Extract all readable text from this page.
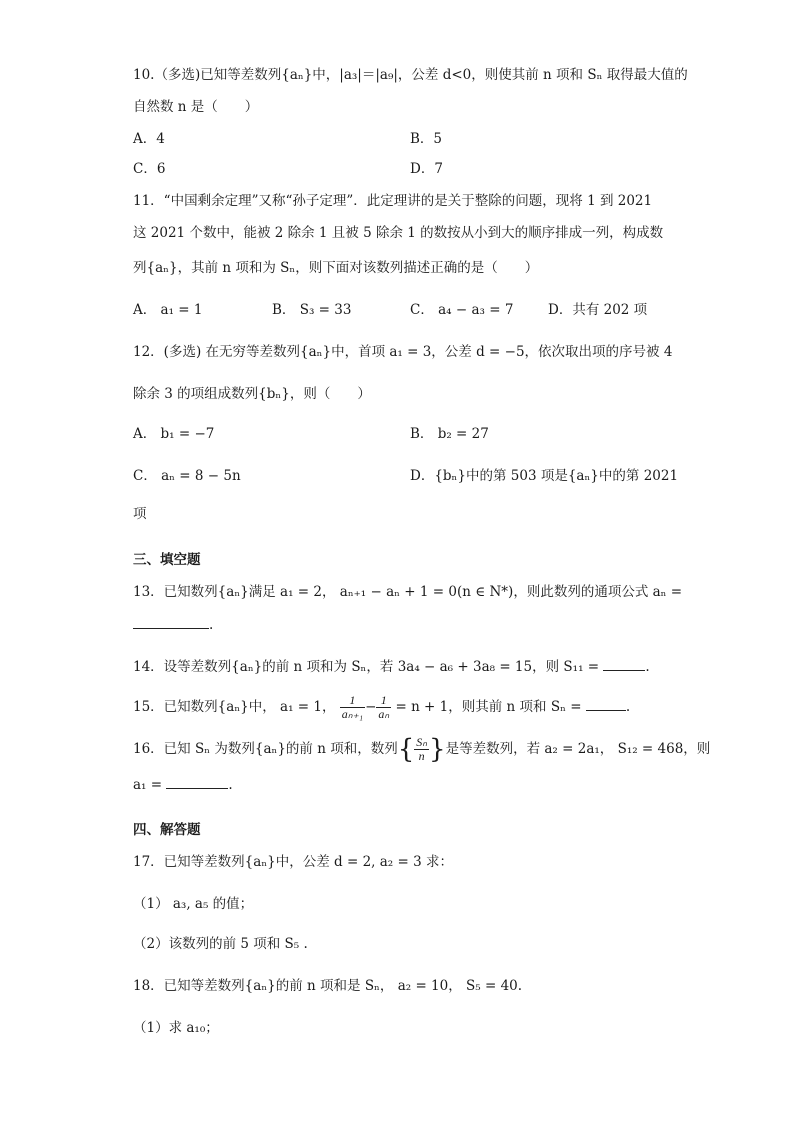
10.（多选)已知等差数列{aₙ}中，|a₃|＝|a₉|，公差 d<0，则使其前 n 项和 Sₙ 取得最大值的
自然数 n 是（　　）
A．4	B．5
C．6	D．7
11．“中国剩余定理”又称“孙子定理”．此定理讲的是关于整除的问题，现将 1 到 2021
这 2021 个数中，能被 2 除余 1 且被 5 除余 1 的数按从小到大的顺序排成一列，构成数
列{aₙ}，其前 n 项和为 Sₙ，则下面对该数列描述正确的是（　　）
A． a₁ = 1	B． S₃ = 33	C． a₄ − a₃ = 7	D．共有 202 项
12．(多选) 在无穷等差数列{aₙ}中，首项 a₁ = 3，公差 d = −5，依次取出项的序号被 4
除余 3 的项组成数列{bₙ}，则（　　）
A． b₁ = −7	B． b₂ = 27
C． aₙ = 8 − 5n	D．{bₙ}中的第 503 项是{aₙ}中的第 2021
项
三、填空题
13．已知数列{aₙ}满足 a₁ = 2， aₙ₊₁ − aₙ + 1 = 0(n ∈ N*)，则此数列的通项公式 aₙ =
.
14．设等差数列{aₙ}的前 n 项和为 Sₙ，若 3a₄ − a₆ + 3a₈ = 15，则 S₁₁ =	.
15．已知数列{aₙ}中， a₁ = 1， $\frac{1}{\text{aₙ₊₁}} - \frac{1}{\text{aₙ}} = n + 1$，则其前 n 项和 Sₙ =	.
16．已知 Sₙ 为数列{aₙ}的前 n 项和，数列{ $\frac{\text{Sₙ}}{n}$ }是等差数列，若 a₂ = 2a₁， S₁₂ = 468，则
a₁ =	.
四、解答题
17．已知等差数列{aₙ}中，公差 d = 2, a₂ = 3 求：
（1） a₃, a₅ 的值；
（2）该数列的前 5 项和 S₅ .
18．已知等差数列{aₙ}的前 n 项和是 Sₙ， a₂ = 10， S₅ = 40.
（1）求 a₁₀；
